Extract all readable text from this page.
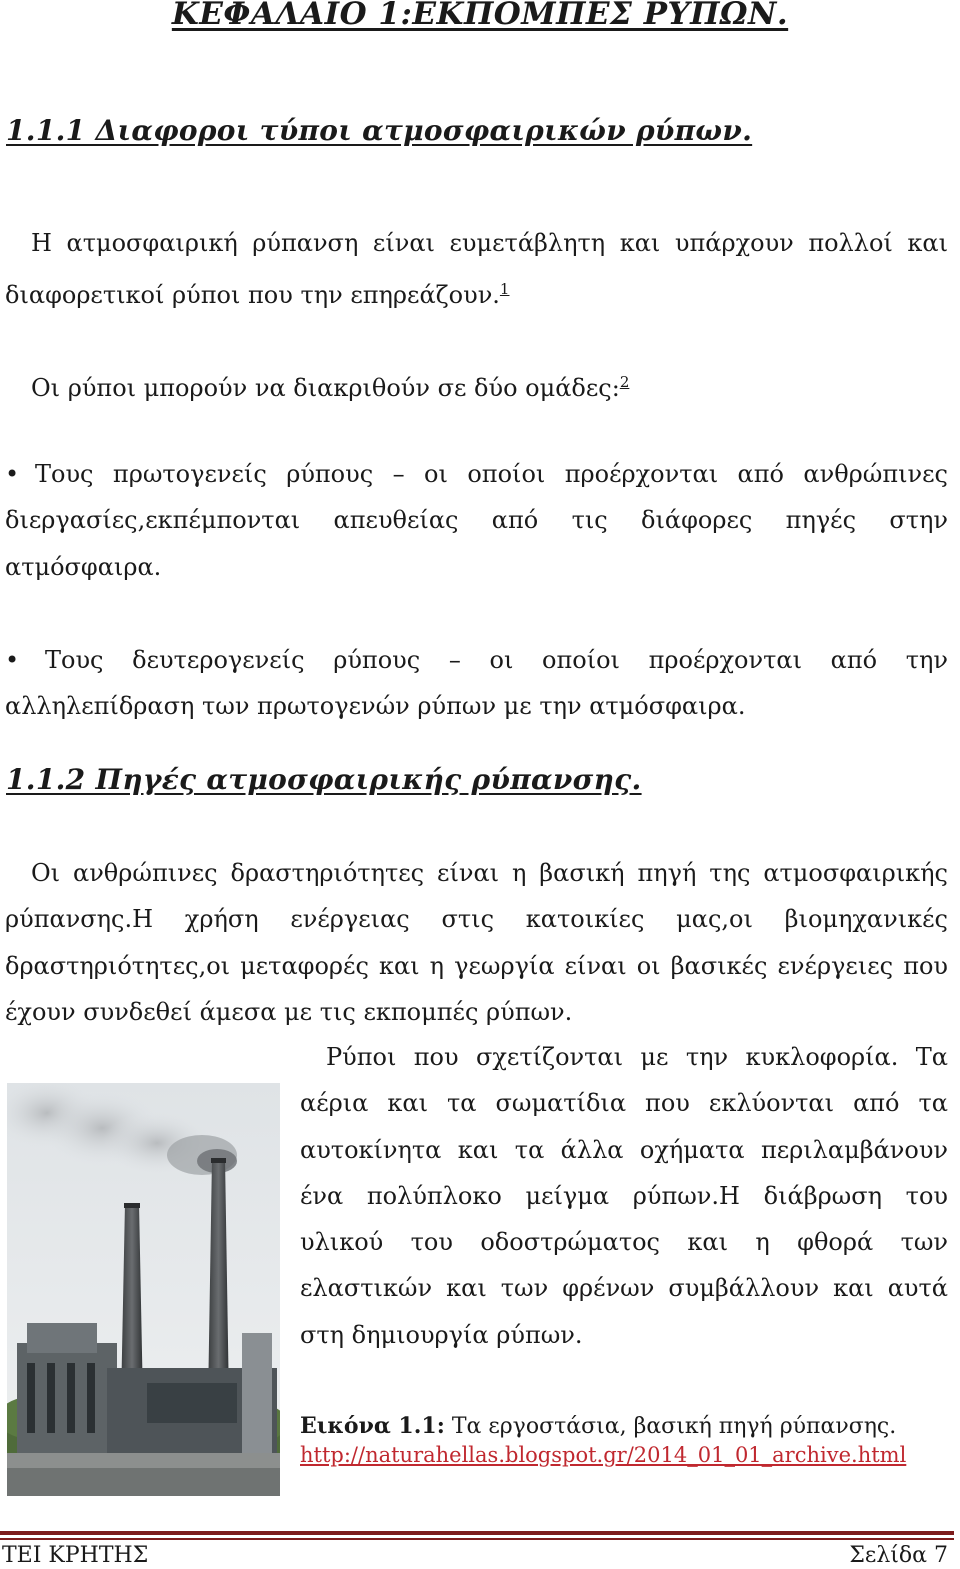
ΚΕΦΑΛΑΙΟ 1:ΕΚΠΟΜΠΕΣ ΡΥΠΩΝ.
1.1.1 Διαφοροι τύποι ατμοσφαιρικών ρύπων.

Η ατμοσφαιρική ρύπανση είναι ευμετάβλητη και υπάρχουν πολλοί και διαφορετικοί ρύποι που την επηρεάζουν.$^1$

Οι ρύποι μπορούν να διακριθούν σε δύο ομάδες:$^2$

• Τους πρωτογενείς ρύπους – οι οποίοι προέρχονται από ανθρώπινες διεργασίες,εκπέμπονται απευθείας από τις διάφορες πηγές στην ατμόσφαιρα.

• Τους δευτερογενείς ρύπους – οι οποίοι προέρχονται από την αλληλεπίδραση των πρωτογενών ρύπων με την ατμόσφαιρα.

1.1.2 Πηγές ατμοσφαιρικής ρύπανσης.

Οι ανθρώπινες δραστηριότητες είναι η βασική πηγή της ατμοσφαιρικής ρύπανσης.Η χρήση ενέργειας στις κατοικίες μας,οι βιομηχανικές δραστηριότητες,οι μεταφορές και η γεωργία είναι οι βασικές ενέργειες που έχουν συνδεθεί άμεσα με τις εκπομπές ρύπων.

Ρύποι που σχετίζονται με την κυκλοφορία. Τα αέρια και τα σωματίδια που εκλύονται από τα αυτοκίνητα και τα άλλα οχήματα περιλαμβάνουν ένα πολύπλοκο μείγμα ρύπων.Η διάβρωση του υλικού του οδοστρώματος και η φθορά των ελαστικών και των φρένων συμβάλλουν και αυτά στη δημιουργία ρύπων.

Εικόνα 1.1: Τα εργοστάσια, βασική πηγή ρύπανσης.
http://naturahellas.blogspot.gr/2014_01_01_archive.html
ΤΕΙ ΚΡΗΤΗΣ	Σελίδα 7
